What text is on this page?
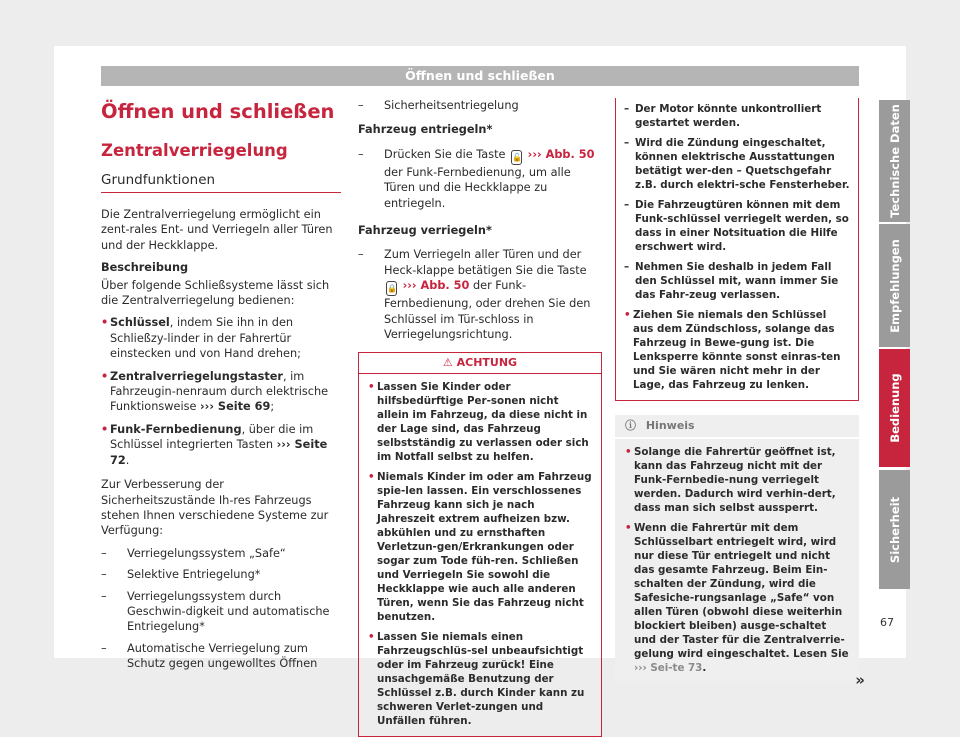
Öffnen und schließen
Öffnen und schließen
Zentralverriegelung
Grundfunktionen

Die Zentralverriegelung ermöglicht ein zent-rales Ent- und Verriegeln aller Türen und der Heckklappe.

Beschreibung

Über folgende Schließsysteme lässt sich die Zentralverriegelung bedienen:

• Schlüssel, indem Sie ihn in den Schließzy-linder in der Fahrertür einstecken und von Hand drehen;
• Zentralverriegelungstaster, im Fahrzeugin-nenraum durch elektrische Funktionsweise ››› Seite 69;
• Funk-Fernbedienung, über die im Schlüssel integrierten Tasten ››› Seite 72.

Zur Verbesserung der Sicherheitszustände Ih-res Fahrzeugs stehen Ihnen verschiedene Systeme zur Verfügung:

– Verriegelungssystem „Safe“
– Selektive Entriegelung*
– Verriegelungssystem durch Geschwin-digkeit und automatische Entriegelung*
– Automatische Verriegelung zum Schutz gegen ungewolltes Öffnen
– Sicherheitsentriegelung
Fahrzeug entriegeln*
– Drücken Sie die Taste 🔓 ››› Abb. 50 der Funk-Fernbedienung, um alle Türen und die Heckklappe zu entriegeln.
Fahrzeug verriegeln*
– Zum Verriegeln aller Türen und der Heck-klappe betätigen Sie die Taste 🔒 ››› Abb. 50 der Funk-Fernbedienung, oder drehen Sie den Schlüssel im Tür-schloss in Verriegelungsrichtung.
⚠ ACHTUNG
• Lassen Sie Kinder oder hilfsbedürftige Per-sonen nicht allein im Fahrzeug, da diese nicht in der Lage sind, das Fahrzeug selbstständig zu verlassen oder sich im Notfall selbst zu helfen.
• Niemals Kinder im oder am Fahrzeug spie-len lassen. Ein verschlossenes Fahrzeug kann sich je nach Jahreszeit extrem aufheizen bzw. abkühlen und zu ernsthaften Verletzun-gen/Erkrankungen oder sogar zum Tode füh-ren. Schließen und Verriegeln Sie sowohl die Heckklappe wie auch alle anderen Türen, wenn Sie das Fahrzeug nicht benutzen.
• Lassen Sie niemals einen Fahrzeugschlüs-sel unbeaufsichtigt oder im Fahrzeug zurück! Eine unsachgemäße Benutzung der Schlüssel z.B. durch Kinder kann zu schweren Verlet-zungen und Unfällen führen.
– Der Motor könnte unkontrolliert gestartet werden.
– Wird die Zündung eingeschaltet, können elektrische Ausstattungen betätigt wer-den – Quetschgefahr z.B. durch elektri-sche Fensterheber.
– Die Fahrzeugtüren können mit dem Funk-schlüssel verriegelt werden, so dass in einer Notsituation die Hilfe erschwert wird.
– Nehmen Sie deshalb in jedem Fall den Schlüssel mit, wann immer Sie das Fahr-zeug verlassen.
• Ziehen Sie niemals den Schlüssel aus dem Zündschloss, solange das Fahrzeug in Bewe-gung ist. Die Lenksperre könnte sonst einras-ten und Sie wären nicht mehr in der Lage, das Fahrzeug zu lenken.
ⓘ Hinweis
• Solange die Fahrertür geöffnet ist, kann das Fahrzeug nicht mit der Funk-Fernbedie-nung verriegelt werden. Dadurch wird verhin-dert, dass man sich selbst aussperrt.
• Wenn die Fahrertür mit dem Schlüsselbart entriegelt wird, wird nur diese Tür entriegelt und nicht das gesamte Fahrzeug. Beim Ein-schalten der Zündung, wird die Safesiche-rungsanlage „Safe“ von allen Türen (obwohl diese weiterhin blockiert bleiben) ausge-schaltet und der Taster für die Zentralverrie-gelung wird eingeschaltet. Lesen Sie ››› Sei-te 73.
»
Technische Daten
Empfehlungen
Bedienung
Sicherheit
67
